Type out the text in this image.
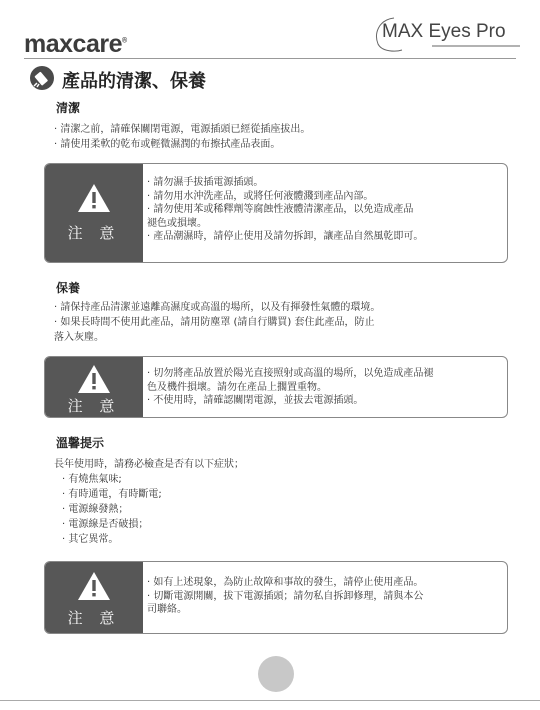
maxcare®	MAX Eyes Pro
產品的清潔、保養
清潔
· 清潔之前，請確保關閉電源，電源插頭已經從插座拔出。
· 請使用柔軟的乾布或輕微濕潤的布擦拭產品表面。
注 意
· 請勿濕手拔插電源插頭。
· 請勿用水沖洗產品，或將任何液體濺到產品內部。
· 請勿使用苯或稀釋劑等腐蝕性液體清潔產品，以免造成產品
褪色或損壞。
· 產品潮濕時，請停止使用及請勿拆卸，讓產品自然風乾即可。
保養
· 請保持產品清潔並遠離高濕度或高溫的場所，以及有揮發性氣體的環境。
· 如果長時間不使用此產品，請用防塵罩 (請自行購買) 套住此產品，防止
落入灰塵。
注 意
· 切勿將產品放置於陽光直接照射或高溫的場所，以免造成產品褪
色及機件損壞。請勿在產品上擱置重物。
· 不使用時，請確認關閉電源，並拔去電源插頭。
溫馨提示
長年使用時，請務必檢查是否有以下症狀；
· 有燒焦氣味;
· 有時通電，有時斷電;
· 電源線發熱；
· 電源線是否破損；
· 其它異常。
注 意
· 如有上述現象，為防止故障和事故的發生，請停止使用產品。
· 切斷電源開關，拔下電源插頭；請勿私自拆卸修理，請與本公
司聯絡。
